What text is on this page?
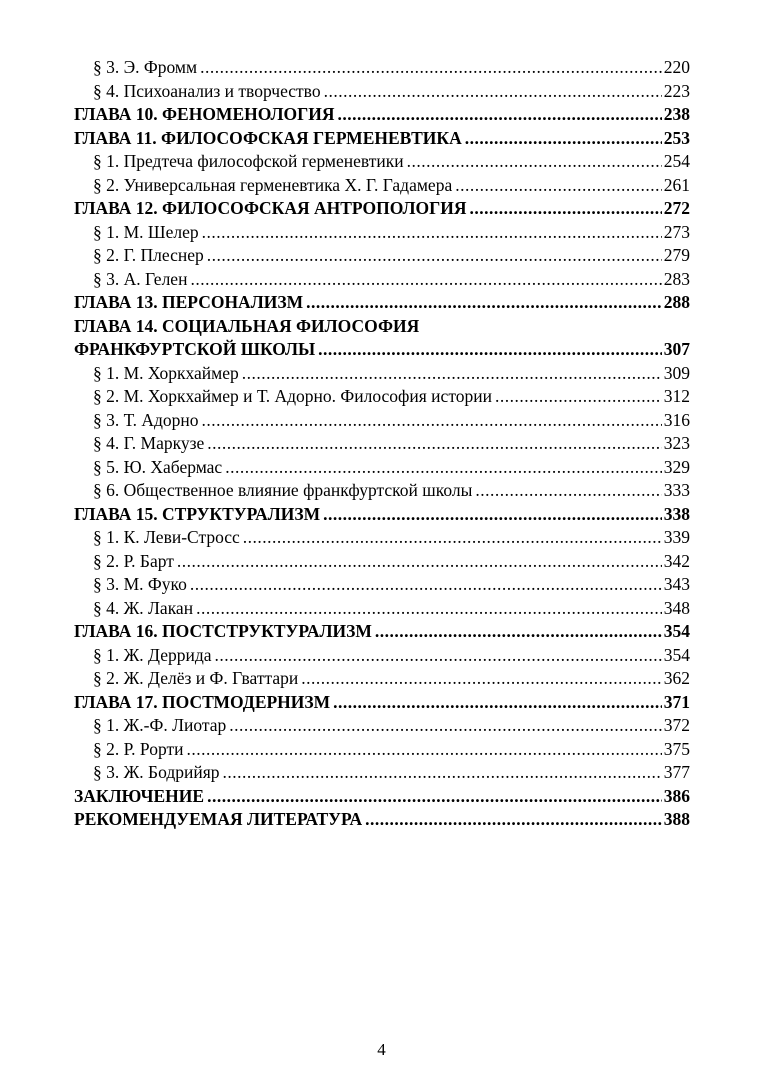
§ 3. Э. Фромм .....	220
§ 4. Психоанализ и творчество .....	223
ГЛАВА 10. ФЕНОМЕНОЛОГИЯ .....	238
ГЛАВА 11. ФИЛОСОФСКАЯ ГЕРМЕНЕВТИКА .....	253
§ 1. Предтеча философской герменевтики .....	254
§ 2. Универсальная герменевтика Х. Г. Гадамера .....	261
ГЛАВА 12. ФИЛОСОФСКАЯ АНТРОПОЛОГИЯ .....	272
§ 1. М. Шелер .....	273
§ 2. Г. Плеснер .....	279
§ 3. А. Гелен .....	283
ГЛАВА 13. ПЕРСОНАЛИЗМ .....	288
ГЛАВА 14. СОЦИАЛЬНАЯ ФИЛОСОФИЯ
ФРАНКФУРТСКОЙ ШКОЛЫ .....	307
§ 1. М. Хоркхаймер .....	309
§ 2. М. Хоркхаймер и Т. Адорно. Философия истории .....	312
§ 3. Т. Адорно .....	316
§ 4. Г. Маркузе .....	323
§ 5. Ю. Хабермас .....	329
§ 6. Общественное влияние франкфуртской школы .....	333
ГЛАВА 15. СТРУКТУРАЛИЗМ .....	338
§ 1. К. Леви-Стросс .....	339
§ 2. Р. Барт .....	342
§ 3. М. Фуко .....	343
§ 4. Ж. Лакан .....	348
ГЛАВА 16. ПОСТСТРУКТУРАЛИЗМ .....	354
§ 1. Ж. Деррида .....	354
§ 2. Ж. Делёз и Ф. Гваттари .....	362
ГЛАВА 17. ПОСТМОДЕРНИЗМ .....	371
§ 1. Ж.-Ф. Лиотар .....	372
§ 2. Р. Рорти .....	375
§ 3. Ж. Бодрийяр .....	377
ЗАКЛЮЧЕНИЕ .....	386
РЕКОМЕНДУЕМАЯ ЛИТЕРАТУРА .....	388
4
